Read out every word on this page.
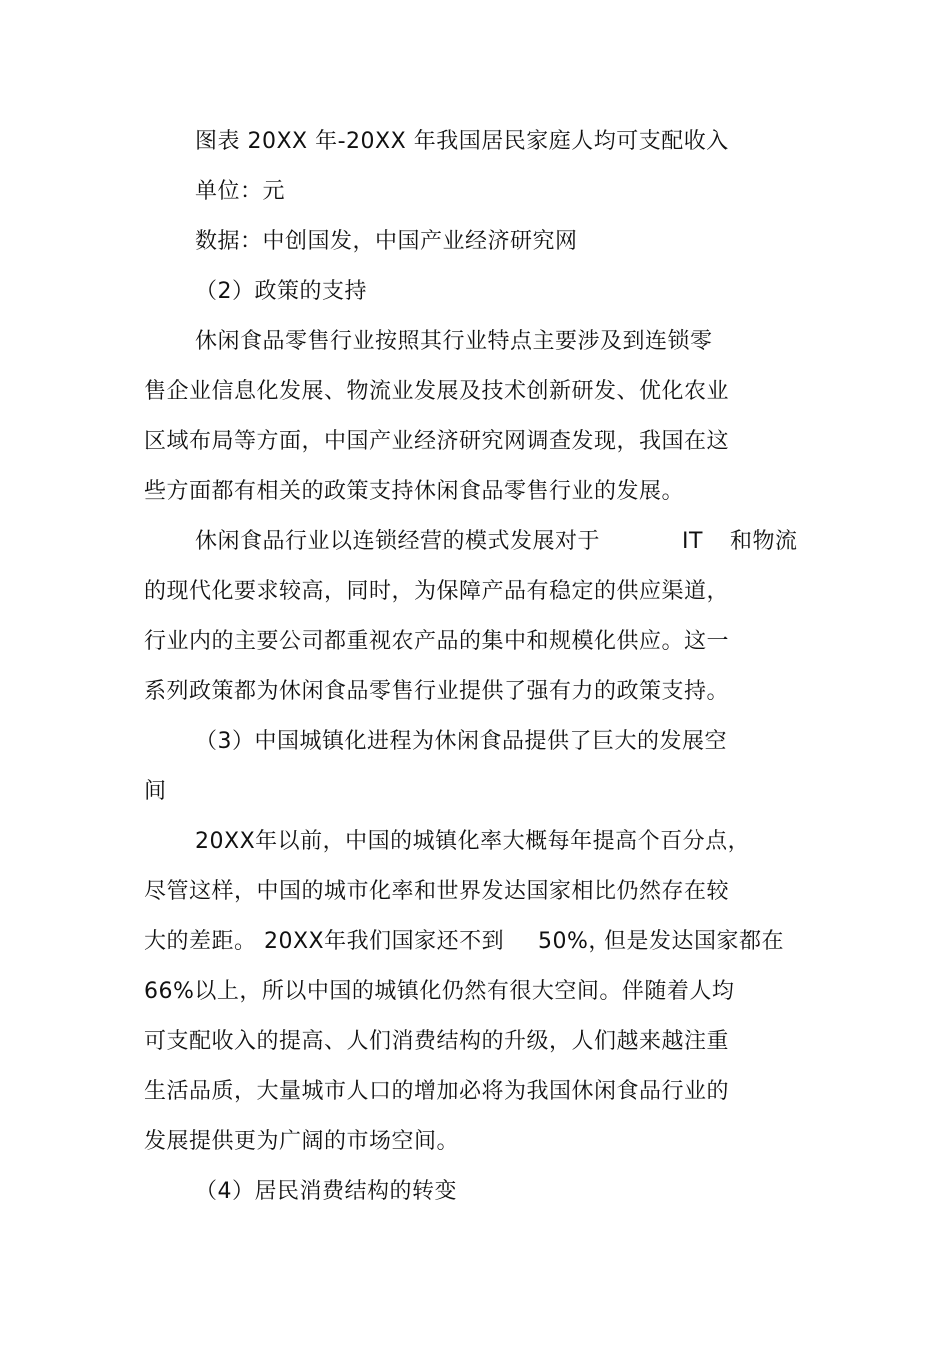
图表 20XX 年-20XX 年我国居民家庭人均可支配收入
单位：元
数据：中创国发，中国产业经济研究网
（2）政策的支持
休闲食品零售行业按照其行业特点主要涉及到连锁零
售企业信息化发展、物流业发展及技术创新研发、优化农业
区域布局等方面，中国产业经济研究网调查发现，我国在这
些方面都有相关的政策支持休闲食品零售行业的发展。
休闲食品行业以连锁经营的模式发展对于	IT 和物流
的现代化要求较高，同时，为保障产品有稳定的供应渠道，
行业内的主要公司都重视农产品的集中和规模化供应。这一
系列政策都为休闲食品零售行业提供了强有力的政策支持。
（3）中国城镇化进程为休闲食品提供了巨大的发展空
间
20XX年以前，中国的城镇化率大概每年提高个百分点，
尽管这样，中国的城市化率和世界发达国家相比仍然存在较
大的差距。 20XX年我们国家还不到 50%，
但是发达国家都在
66%以上，所以中国的城镇化仍然有很大空间。伴随着人均
可支配收入的提高、人们消费结构的升级，人们越来越注重
生活品质，大量城市人口的增加必将为我国休闲食品行业的
发展提供更为广阔的市场空间。
（4）居民消费结构的转变
